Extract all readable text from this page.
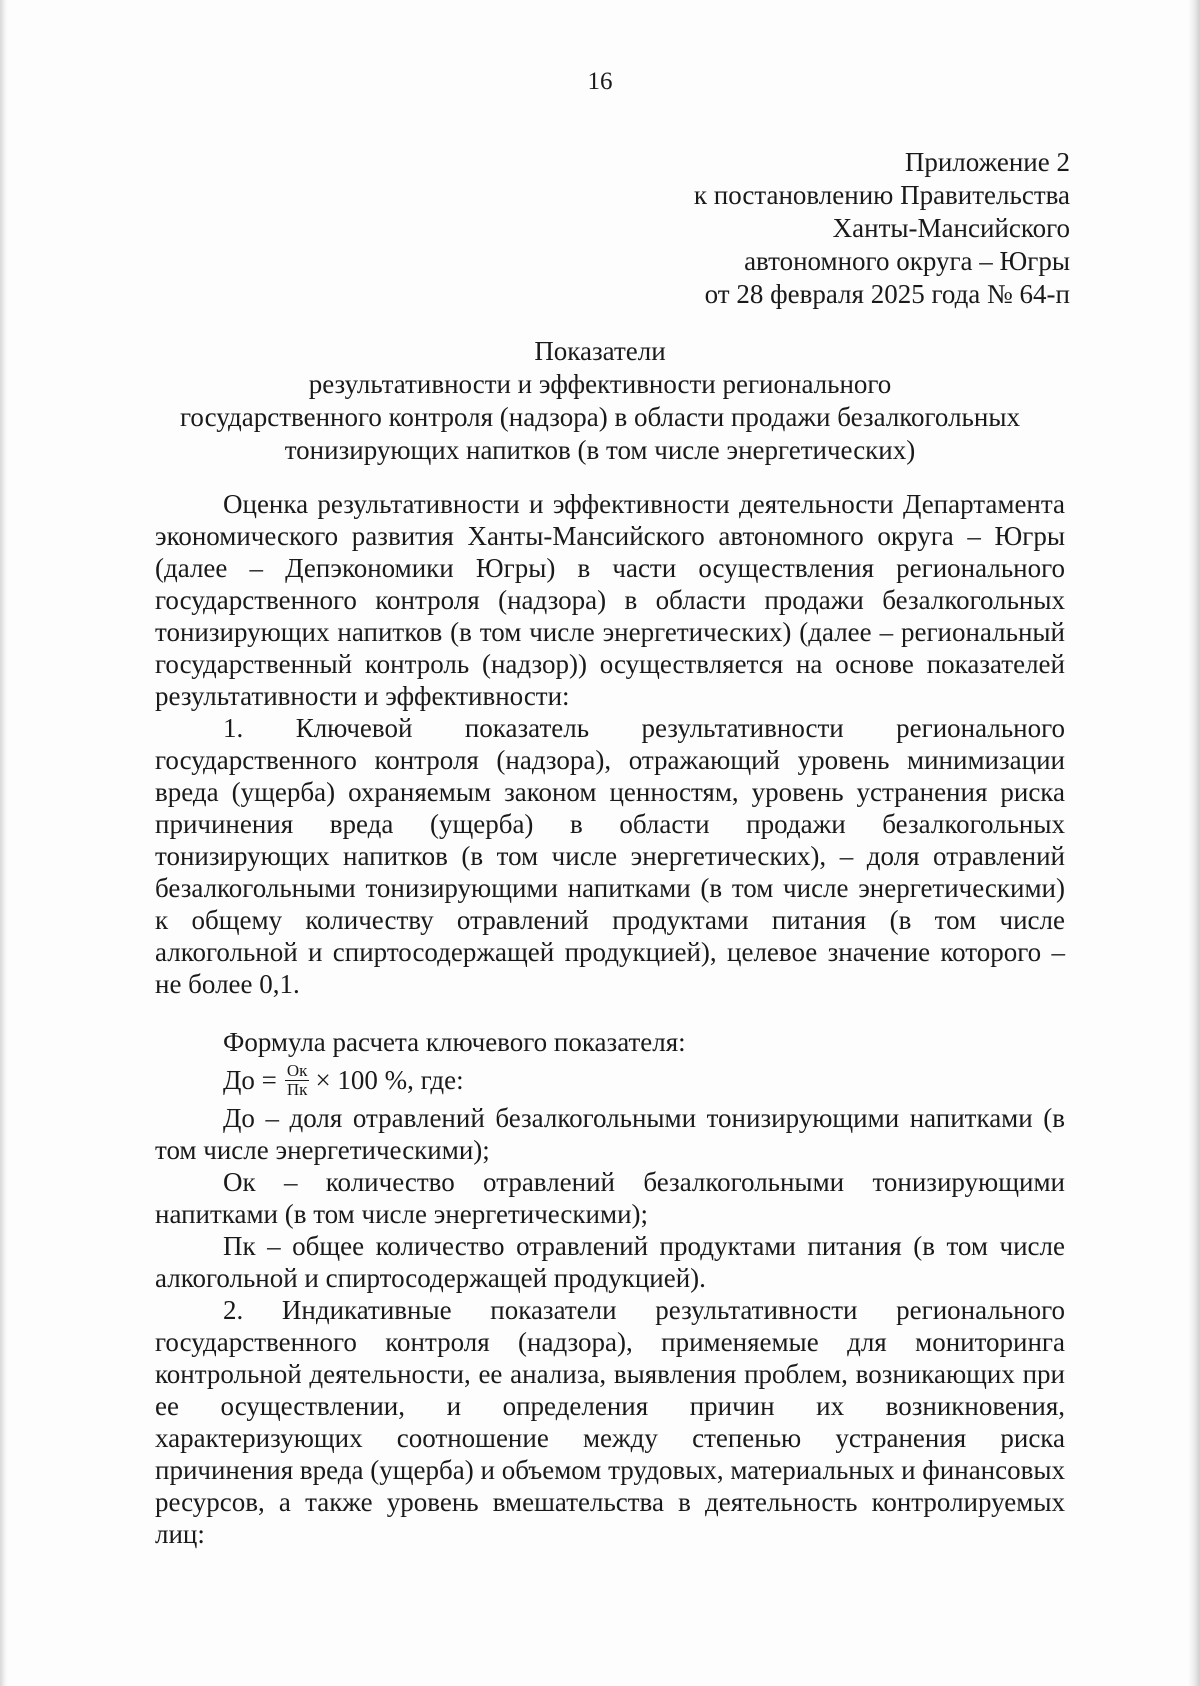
16
Приложение 2
к постановлению Правительства
Ханты-Мансийского
автономного округа – Югры
от 28 февраля 2025 года № 64-п
Показатели
результативности и эффективности регионального
государственного контроля (надзора) в области продажи безалкогольных
тонизирующих напитков (в том числе энергетических)

Оценка результативности и эффективности деятельности Департамента экономического развития Ханты-Мансийского автономного округа – Югры (далее – Депэкономики Югры) в части осуществления регионального государственного контроля (надзора) в области продажи безалкогольных тонизирующих напитков (в том числе энергетических) (далее – региональный государственный контроль (надзор)) осуществляется на основе показателей результативности и эффективности:

1. Ключевой показатель результативности регионального государственного контроля (надзора), отражающий уровень минимизации вреда (ущерба) охраняемым законом ценностям, уровень устранения риска причинения вреда (ущерба) в области продажи безалкогольных тонизирующих напитков (в том числе энергетических), – доля отравлений безалкогольными тонизирующими напитками (в том числе энергетическими) к общему количеству отравлений продуктами питания (в том числе алкогольной и спиртосодержащей продукцией), целевое значение которого – не более 0,1.

Формула расчета ключевого показателя:

До = $\frac{Ок}{Пк} \times 100$ %, где:

До – доля отравлений безалкогольными тонизирующими напитками (в том числе энергетическими);

Ок – количество отравлений безалкогольными тонизирующими напитками (в том числе энергетическими);

Пк – общее количество отравлений продуктами питания (в том числе алкогольной и спиртосодержащей продукцией).

2. Индикативные показатели результативности регионального государственного контроля (надзора), применяемые для мониторинга контрольной деятельности, ее анализа, выявления проблем, возникающих при ее осуществлении, и определения причин их возникновения, характеризующих соотношение между степенью устранения риска причинения вреда (ущерба) и объемом трудовых, материальных и финансовых ресурсов, а также уровень вмешательства в деятельность контролируемых лиц:
